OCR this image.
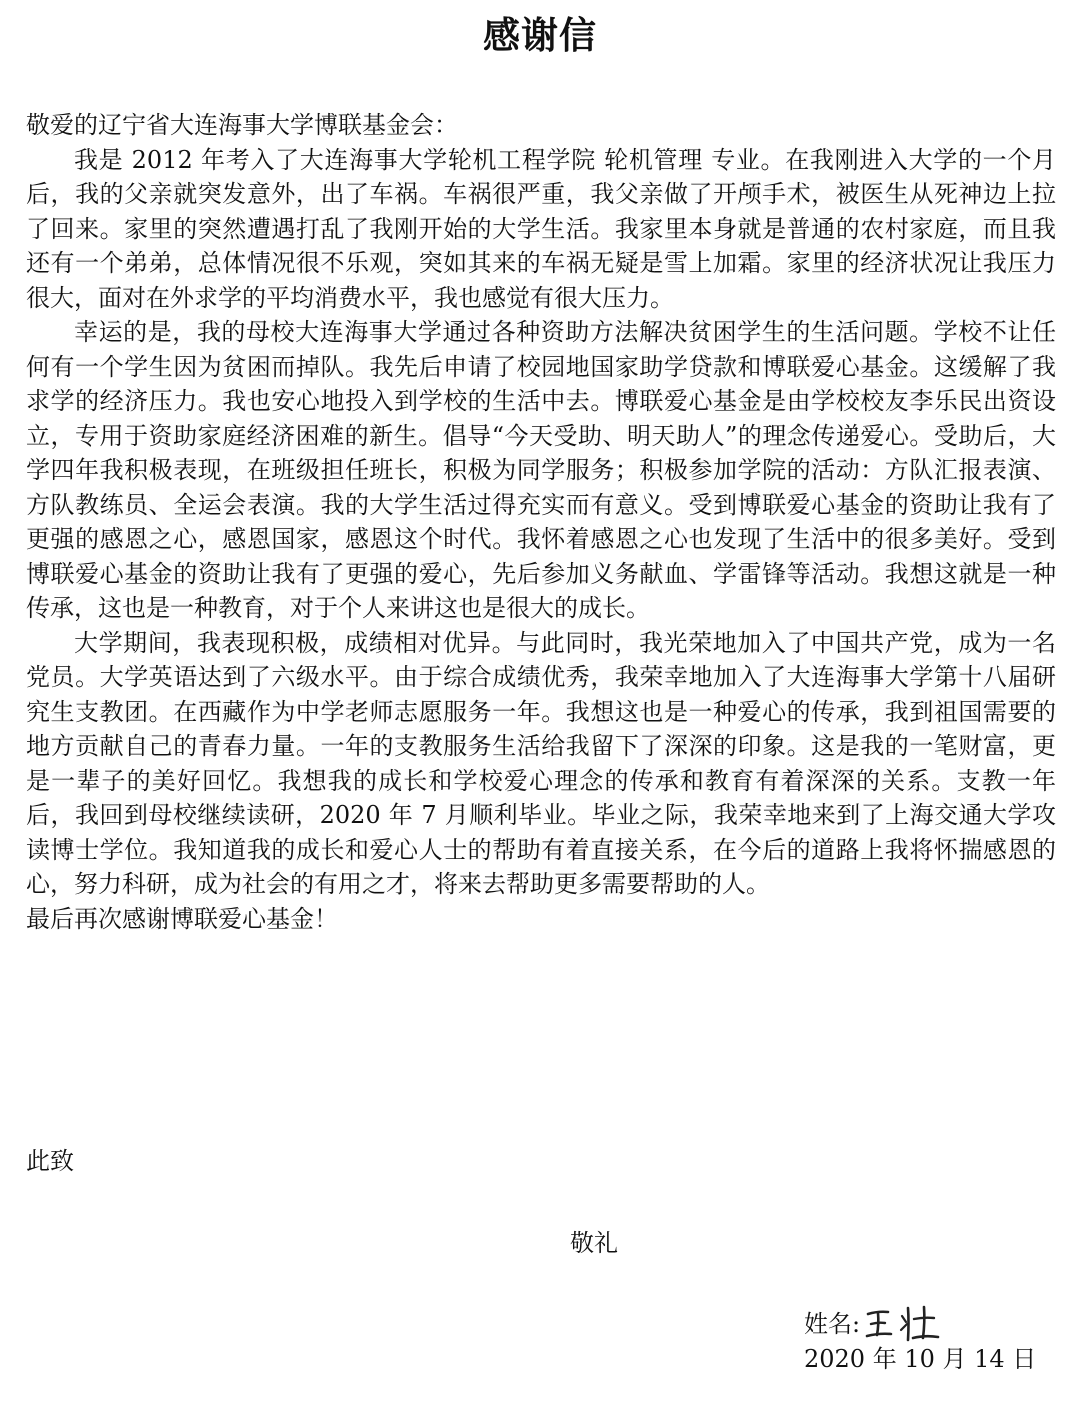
感谢信

敬爱的辽宁省大连海事大学博联基金会：

我是 2012 年考入了大连海事大学轮机工程学院 轮机管理 专业。在我刚进入大学的一个月后，我的父亲就突发意外，出了车祸。车祸很严重，我父亲做了开颅手术，被医生从死神边上拉了回来。家里的突然遭遇打乱了我刚开始的大学生活。我家里本身就是普通的农村家庭，而且我还有一个弟弟，总体情况很不乐观，突如其来的车祸无疑是雪上加霜。家里的经济状况让我压力很大，面对在外求学的平均消费水平，我也感觉有很大压力。

幸运的是，我的母校大连海事大学通过各种资助方法解决贫困学生的生活问题。学校不让任何有一个学生因为贫困而掉队。我先后申请了校园地国家助学贷款和博联爱心基金。这缓解了我求学的经济压力。我也安心地投入到学校的生活中去。博联爱心基金是由学校校友李乐民出资设立，专用于资助家庭经济困难的新生。倡导“今天受助、明天助人”的理念传递爱心。受助后，大学四年我积极表现，在班级担任班长，积极为同学服务；积极参加学院的活动：方队汇报表演、方队教练员、全运会表演。我的大学生活过得充实而有意义。受到博联爱心基金的资助让我有了更强的感恩之心，感恩国家，感恩这个时代。我怀着感恩之心也发现了生活中的很多美好。受到博联爱心基金的资助让我有了更强的爱心，先后参加义务献血、学雷锋等活动。我想这就是一种传承，这也是一种教育，对于个人来讲这也是很大的成长。

大学期间，我表现积极，成绩相对优异。与此同时，我光荣地加入了中国共产党，成为一名党员。大学英语达到了六级水平。由于综合成绩优秀，我荣幸地加入了大连海事大学第十八届研究生支教团。在西藏作为中学老师志愿服务一年。我想这也是一种爱心的传承，我到祖国需要的地方贡献自己的青春力量。一年的支教服务生活给我留下了深深的印象。这是我的一笔财富，更是一辈子的美好回忆。我想我的成长和学校爱心理念的传承和教育有着深深的关系。支教一年后，我回到母校继续读研，2020 年 7 月顺利毕业。毕业之际，我荣幸地来到了上海交通大学攻读博士学位。我知道我的成长和爱心人士的帮助有着直接关系，在今后的道路上我将怀揣感恩的心，努力科研，成为社会的有用之才，将来去帮助更多需要帮助的人。

最后再次感谢博联爱心基金！

此致
敬礼
姓名:
2020 年 10 月 14 日
